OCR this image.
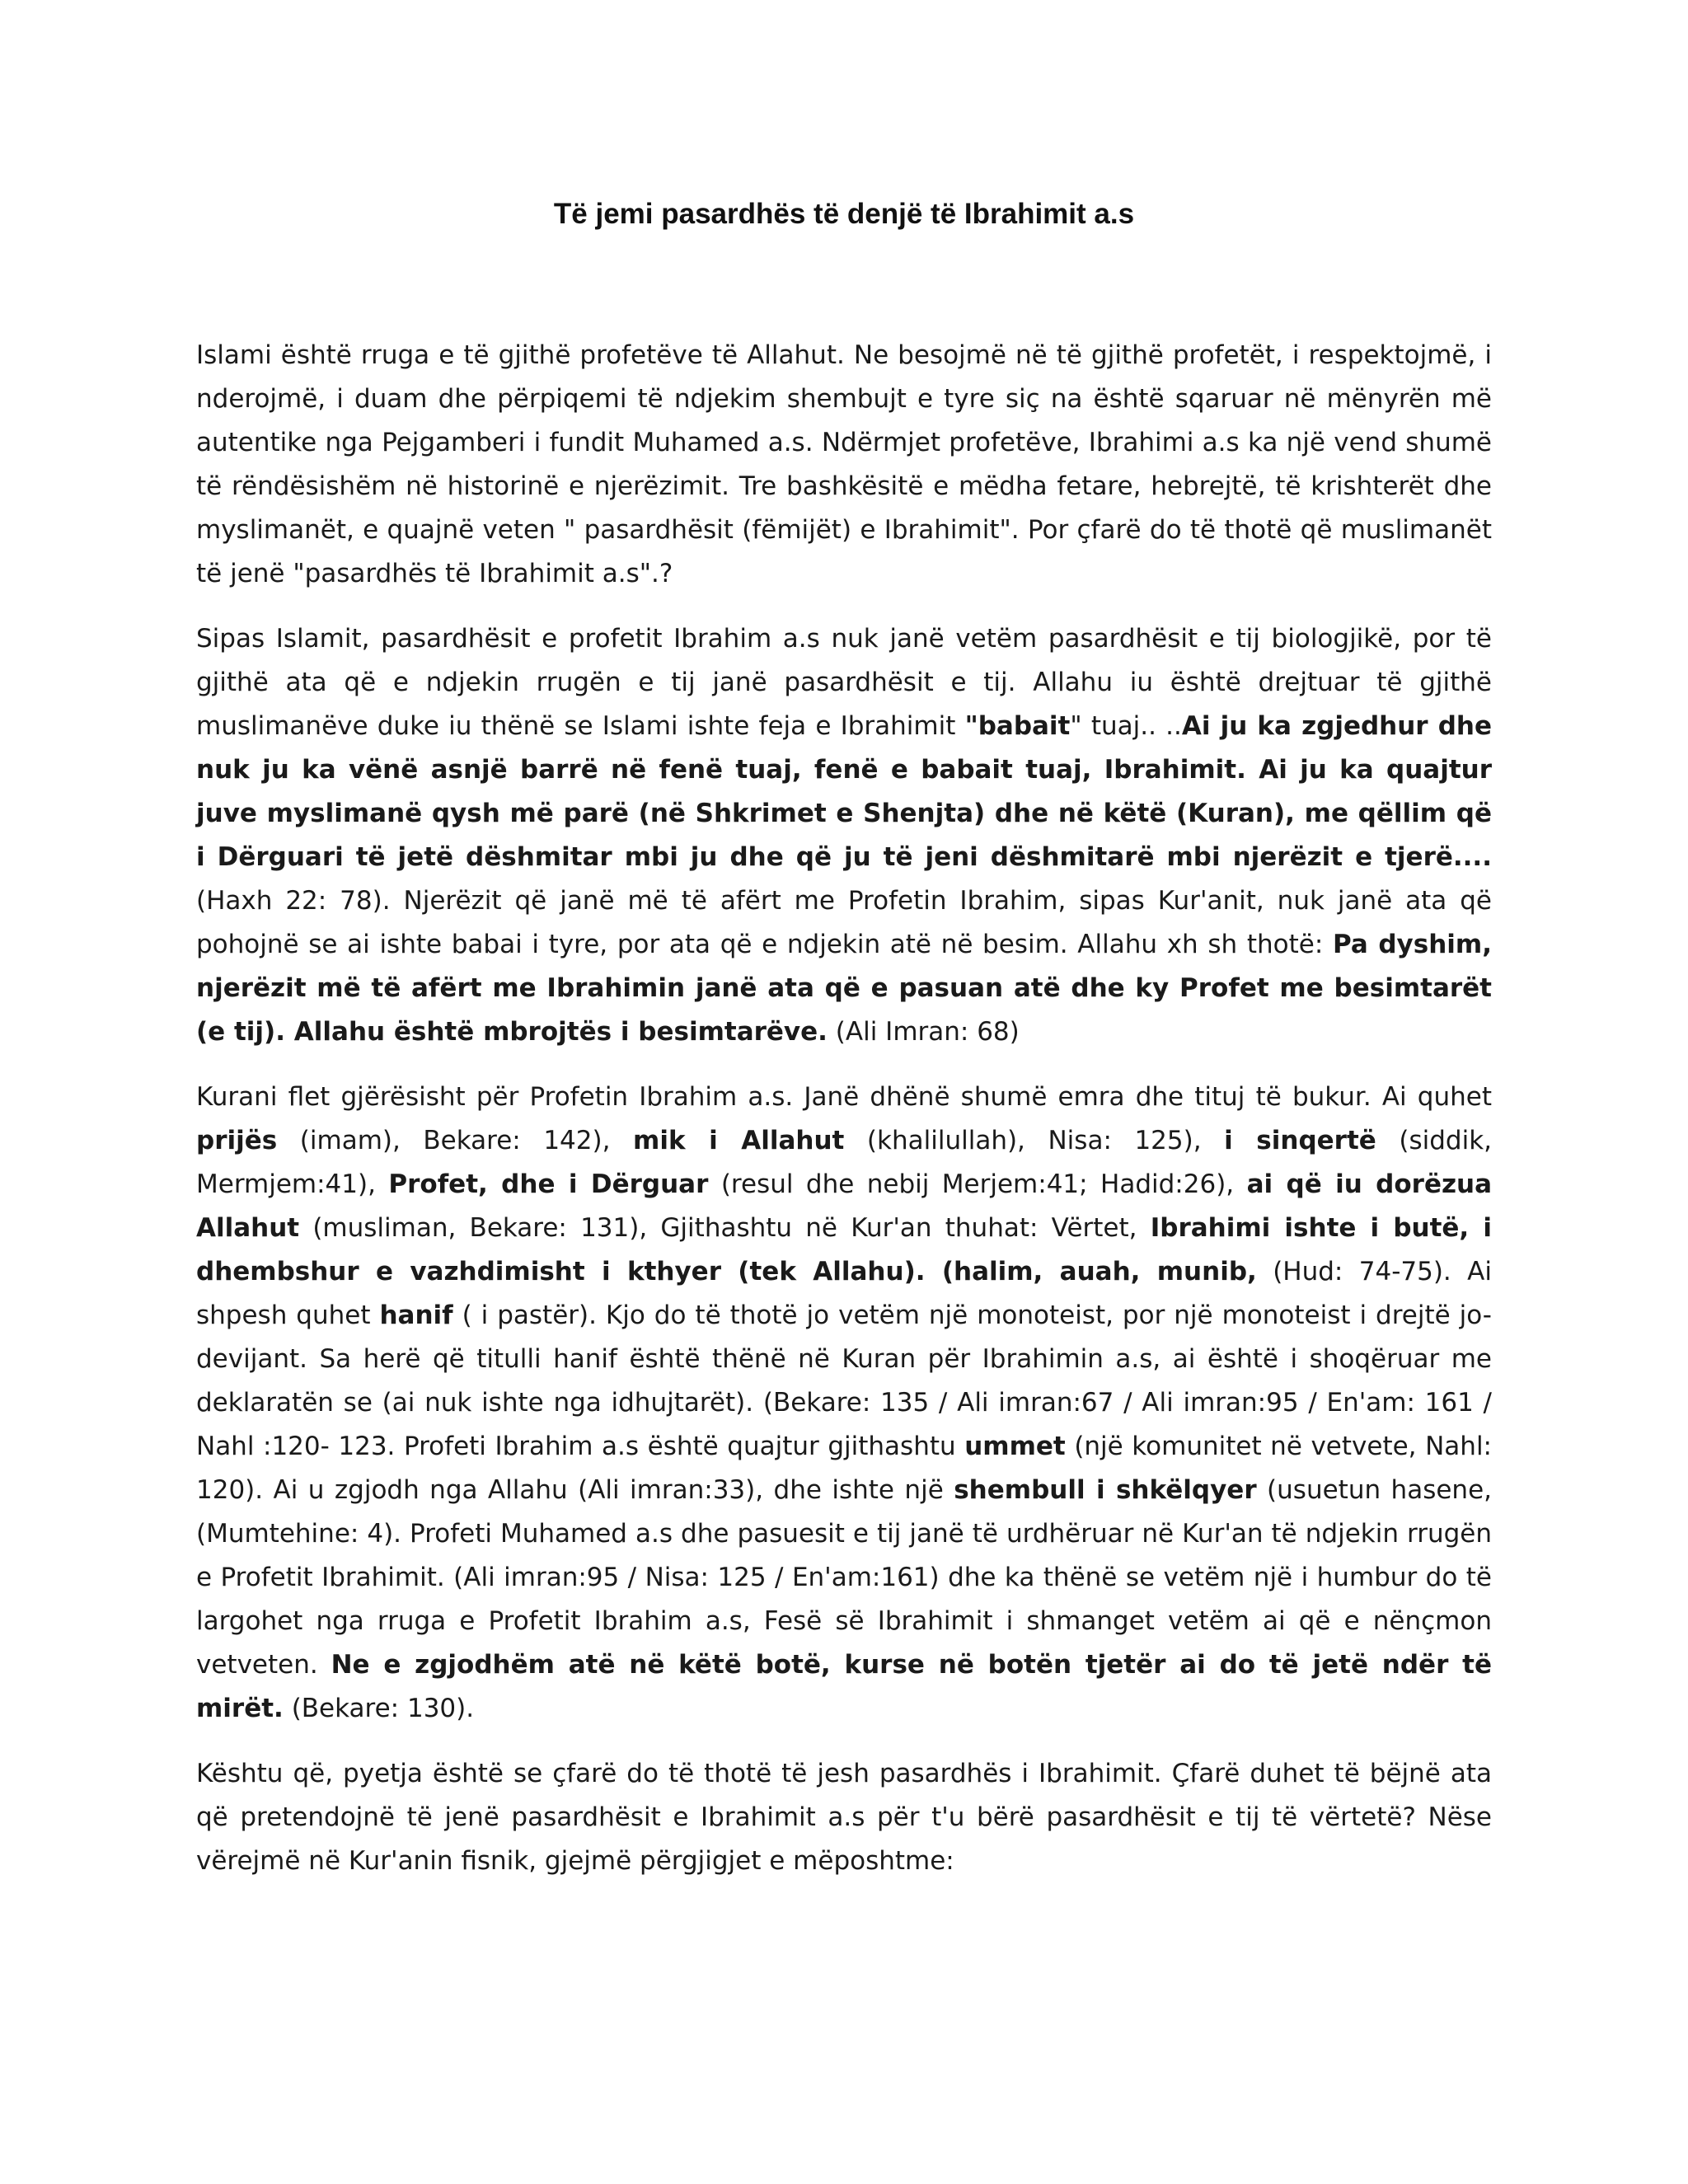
Të jemi pasardhës të denjë të Ibrahimit a.s

Islami është rruga e të gjithë profetëve të Allahut. Ne besojmë në të gjithë profetët, i respektojmë, i nderojmë, i duam dhe përpiqemi të ndjekim shembujt e tyre siç na është sqaruar në mënyrën më autentike nga Pejgamberi i fundit Muhamed a.s. Ndërmjet profetëve, Ibrahimi a.s ka një vend shumë të rëndësishëm në historinë e njerëzimit. Tre bashkësitë e mëdha fetare, hebrejtë, të krishterët dhe myslimanët, e quajnë veten " pasardhësit (fëmijët) e Ibrahimit". Por çfarë do të thotë që muslimanët të jenë "pasardhës të Ibrahimit a.s".?

Sipas Islamit, pasardhësit e profetit Ibrahim a.s nuk janë vetëm pasardhësit e tij biologjikë, por të gjithë ata që e ndjekin rrugën e tij janë pasardhësit e tij. Allahu iu është drejtuar të gjithë muslimanëve duke iu thënë se Islami ishte feja e Ibrahimit "babait" tuaj.. ..Ai ju ka zgjedhur dhe nuk ju ka vënë asnjë barrë në fenë tuaj, fenë e babait tuaj, Ibrahimit. Ai ju ka quajtur juve myslimanë qysh më parë (në Shkrimet e Shenjta) dhe në këtë (Kuran), me qëllim që i Dërguari të jetë dëshmitar mbi ju dhe që ju të jeni dëshmitarë mbi njerëzit e tjerë.... (Haxh 22: 78). Njerëzit që janë më të afërt me Profetin Ibrahim, sipas Kur'anit, nuk janë ata që pohojnë se ai ishte babai i tyre, por ata që e ndjekin atë në besim. Allahu xh sh thotë: Pa dyshim, njerëzit më të afërt me Ibrahimin janë ata që e pasuan atë dhe ky Profet me besimtarët (e tij). Allahu është mbrojtës i besimtarëve. (Ali Imran: 68)

Kurani flet gjërësisht për Profetin Ibrahim a.s. Janë dhënë shumë emra dhe tituj të bukur. Ai quhet prijës (imam), Bekare: 142), mik i Allahut (khalilullah), Nisa: 125), i sinqertë (siddik, Mermjem:41), Profet, dhe i Dërguar (resul dhe nebij Merjem:41; Hadid:26), ai që iu dorëzua Allahut (musliman, Bekare: 131), Gjithashtu në Kur'an thuhat: Vërtet, Ibrahimi ishte i butë, i dhembshur e vazhdimisht i kthyer (tek Allahu). (halim, auah, munib, (Hud: 74-75). Ai shpesh quhet hanif ( i pastër). Kjo do të thotë jo vetëm një monoteist, por një monoteist i drejtë jo-devijant. Sa herë që titulli hanif është thënë në Kuran për Ibrahimin a.s, ai është i shoqëruar me deklaratën se (ai nuk ishte nga idhujtarët). (Bekare: 135 / Ali imran:67 / Ali imran:95 / En'am: 161 / Nahl :120- 123. Profeti Ibrahim a.s është quajtur gjithashtu ummet (një komunitet në vetvete, Nahl: 120). Ai u zgjodh nga Allahu (Ali imran:33), dhe ishte një shembull i shkëlqyer (usuetun hasene, (Mumtehine: 4). Profeti Muhamed a.s dhe pasuesit e tij janë të urdhëruar në Kur'an të ndjekin rrugën e Profetit Ibrahimit. (Ali imran:95 / Nisa: 125 / En'am:161) dhe ka thënë se vetëm një i humbur do të largohet nga rruga e Profetit Ibrahim a.s, Fesë së Ibrahimit i shmanget vetëm ai që e nënçmon vetveten. Ne e zgjodhëm atë në këtë botë, kurse në botën tjetër ai do të jetë ndër të mirët. (Bekare: 130).

Kështu që, pyetja është se çfarë do të thotë të jesh pasardhës i Ibrahimit. Çfarë duhet të bëjnë ata që pretendojnë të jenë pasardhësit e Ibrahimit a.s për t'u bërë pasardhësit e tij të vërtetë? Nëse vërejmë në Kur'anin fisnik, gjejmë përgjigjet e mëposhtme:
